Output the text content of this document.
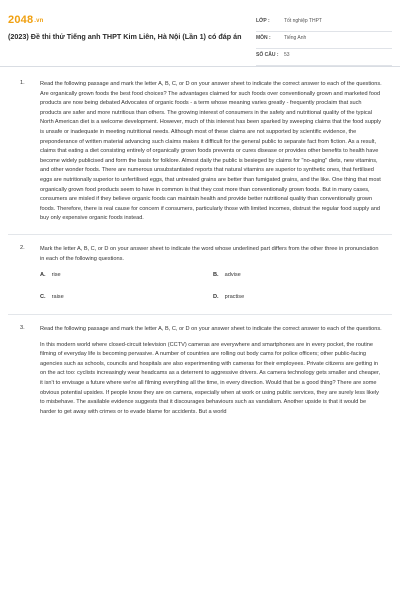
2048.vn
(2023) Đề thi thử Tiếng anh THPT Kim Liên, Hà Nội (Lần 1) có đáp án
LỚP :	Tốt nghiệp THPT
MÔN :	Tiếng Anh
SỐ CÂU : 53
1.	Read the following passage and mark the letter A, B, C, or D on your answer sheet to indicate the correct answer to each of the questions. Are organically grown foods the best food choices? The advantages claimed for such foods over conventionally grown and marketed food products are now being debated Advocates of organic foods - a term whose meaning varies greatly - frequently proclaim that such products are safer and more nutritious than others. The growing interest of consumers in the safety and nutritional quality of the typical North American diet is a welcome development. However, much of this interest has been sparked by sweeping claims that the food supply is unsafe or inadequate in meeting nutritional needs. Although most of these claims are not supported by scientific evidence, the preponderance of written material advancing such claims makes it difficult for the general public to separate fact from fiction. As a result, claims that eating a diet consisting entirely of organically grown foods prevents or cures disease or provides other benefits to health have become widely publicised and form the basis for folklore. Almost daily the public is besieged by claims for "no-aging" diets, new vitamins, and other wonder foods. There are numerous unsubstantiated reports that natural vitamins are superior to synthetic ones, that fertilised eggs are nutritionally superior to unfertilised eggs, that untreated grains are better than fumigated grains, and the like. One thing that most organically grown food products seem to have in common is that they cost more than conventionally grown foods. But in many cases, consumers are misled if they believe organic foods can maintain health and provide better nutritional quality than conventionally grown foods. Therefore, there is real cause for concern if consumers, particularly those with limited incomes, distrust the regular food supply and buy only expensive organic foods instead.

2.	Mark the letter A, B, C, or D on your answer sheet to indicate the word whose underlined part differs from the other three in pronunciation in each of the following questions.

A. rise	B. advise
C. raise	D. practise
3.	Read the following passage and mark the letter A, B, C, or D on your answer sheet to indicate the correct answer to each of the questions.

In this modern world where closed-circuit television (CCTV) cameras are everywhere and smartphones are in every pocket, the routine filming of everyday life is becoming pervasive. A number of countries are rolling out body cams for police officers; other public-facing agencies such as schools, councils and hospitals are also experimenting with cameras for their employees. Private citizens are getting in on the act too: cyclists increasingly wear headcams as a deterrent to aggressive drivers. As camera technology gets smaller and cheaper, it isn't to envisage a future where we're all filming everything all the time, in every direction. Would that be a good thing? There are some obvious potential upsides. If people know they are on camera, especially when at work or using public services, they are surely less likely to misbehave. The available evidence suggests that it discourages behaviours such as vandalism. Another upside is that it would be harder to get away with crimes or to evade blame for accidents. But a world
